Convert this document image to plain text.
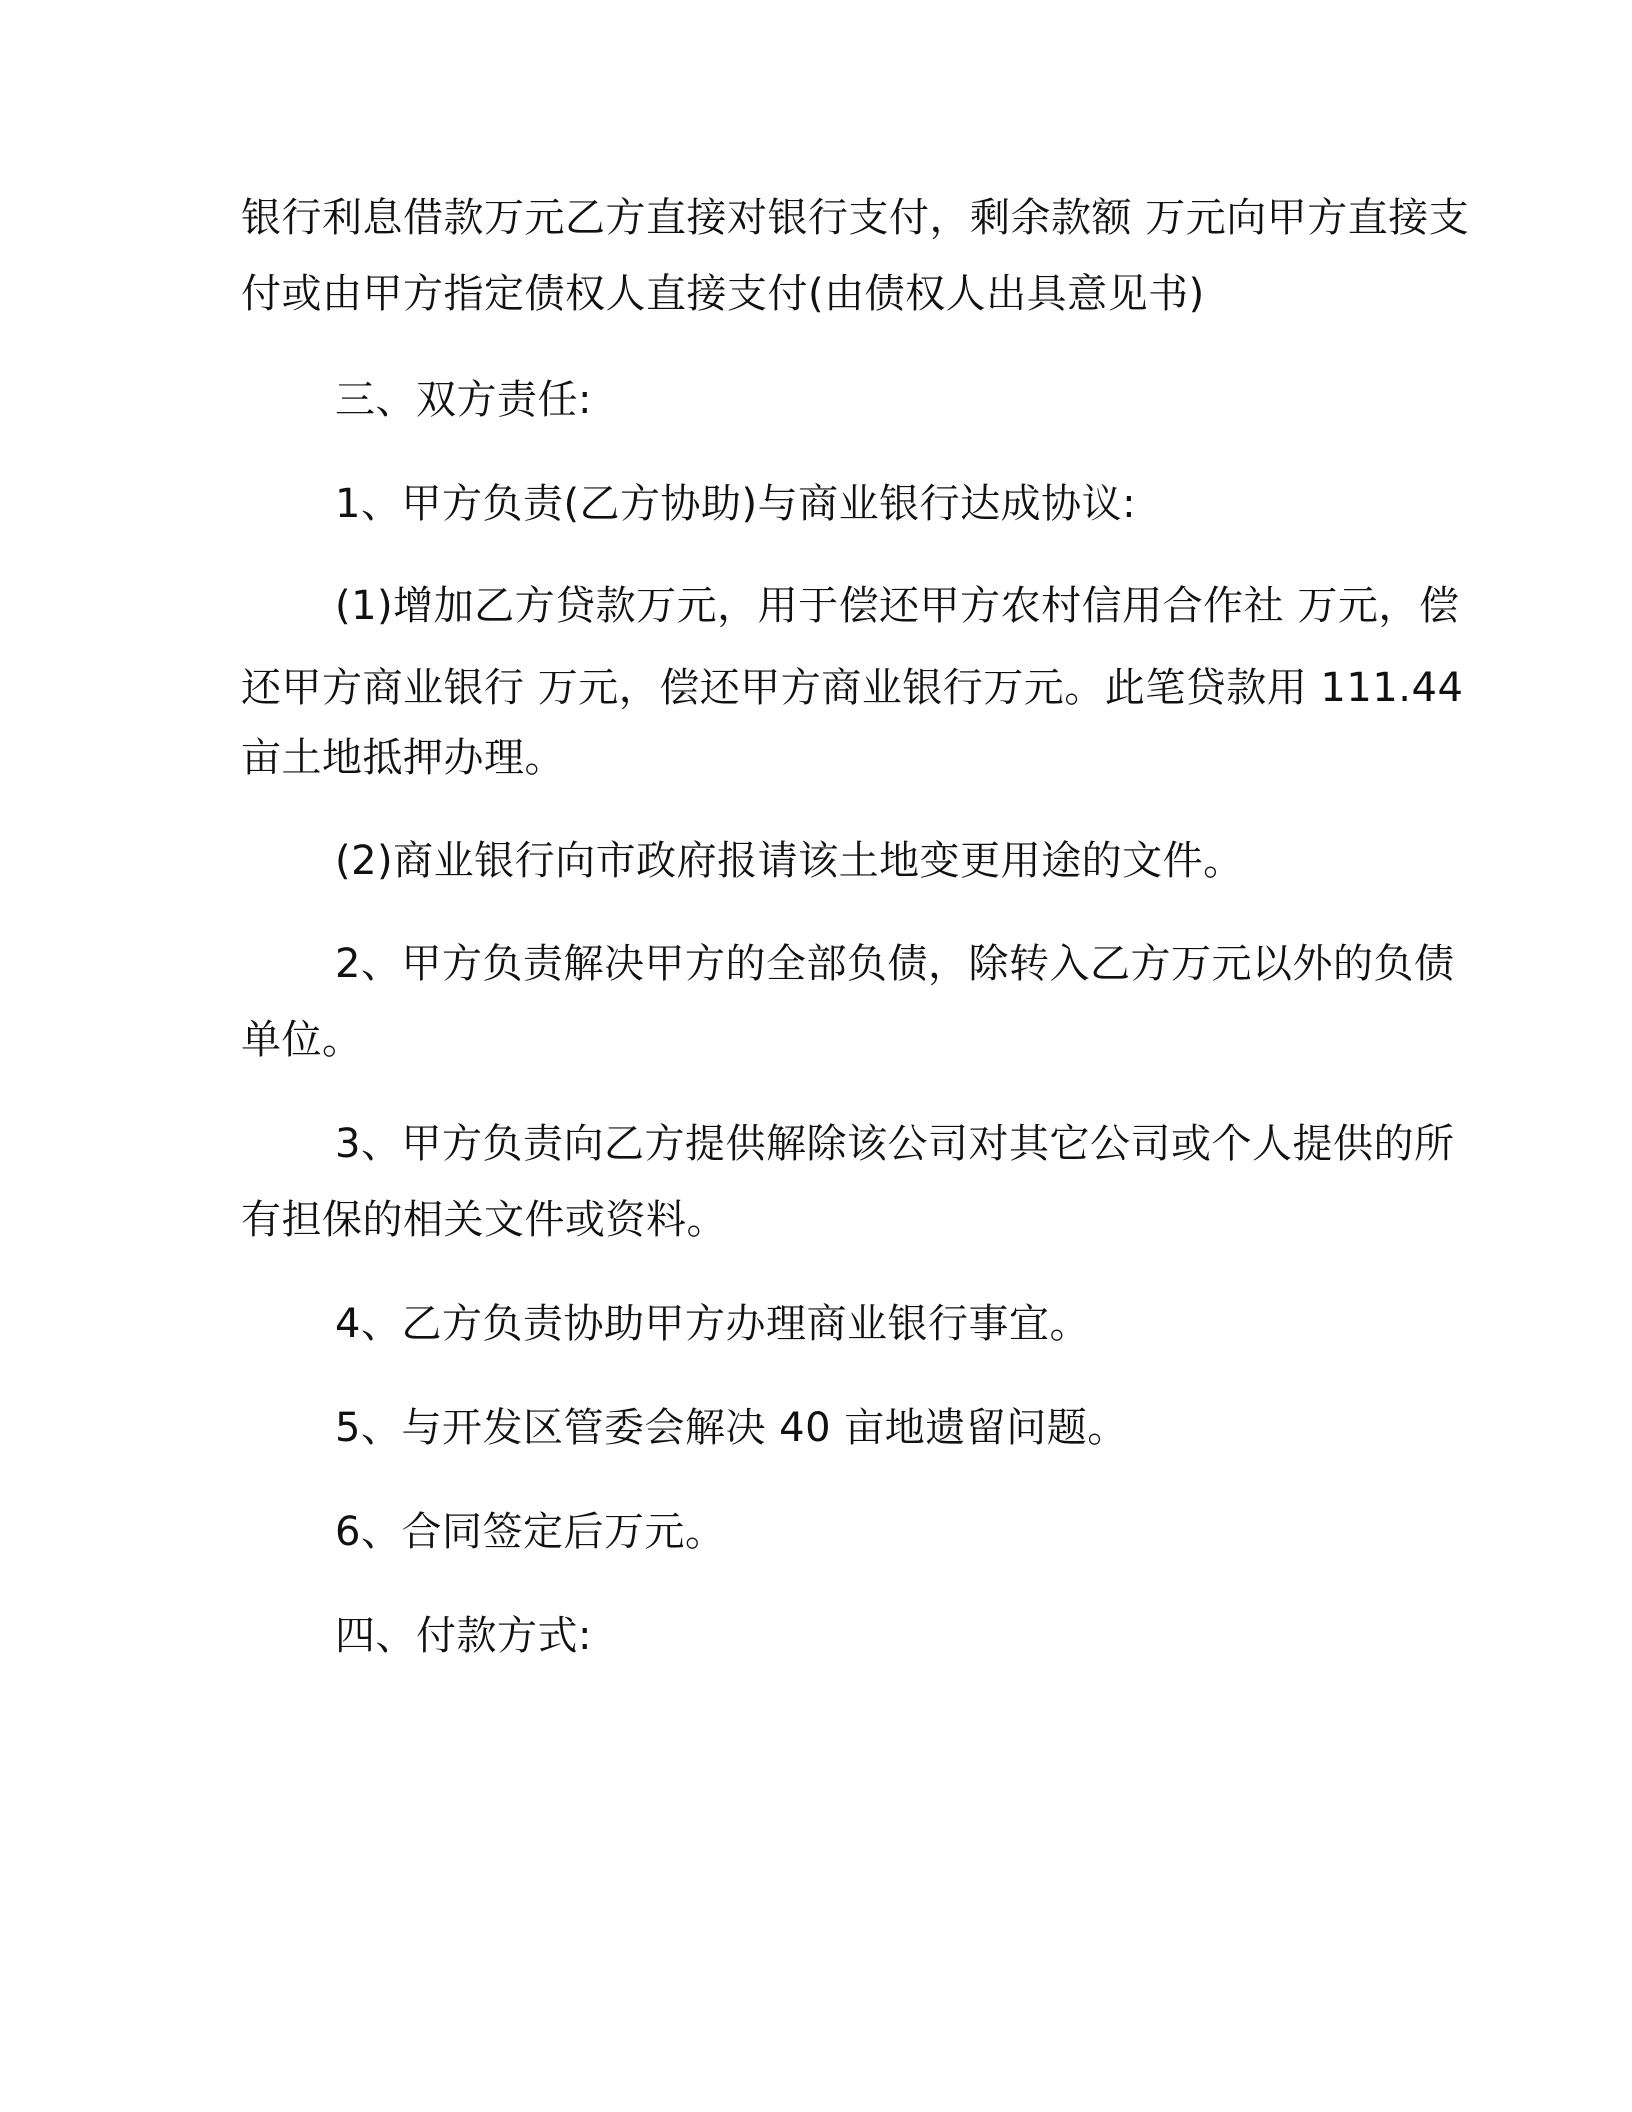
银行利息借款万元乙方直接对银行支付，剩余款额 万元向甲方直接支
付或由甲方指定债权人直接支付(由债权人出具意见书)
三、双方责任:
1、甲方负责(乙方协助)与商业银行达成协议:
(1)增加乙方贷款万元，用于偿还甲方农村信用合作社 万元，偿
还甲方商业银行 万元，偿还甲方商业银行万元。此笔贷款用 111.44
亩土地抵押办理。
(2)商业银行向市政府报请该土地变更用途的文件。
2、甲方负责解决甲方的全部负债，除转入乙方万元以外的负债
单位。
3、甲方负责向乙方提供解除该公司对其它公司或个人提供的所
有担保的相关文件或资料。
4、乙方负责协助甲方办理商业银行事宜。
5、与开发区管委会解决 40 亩地遗留问题。
6、合同签定后万元。
四、付款方式:
